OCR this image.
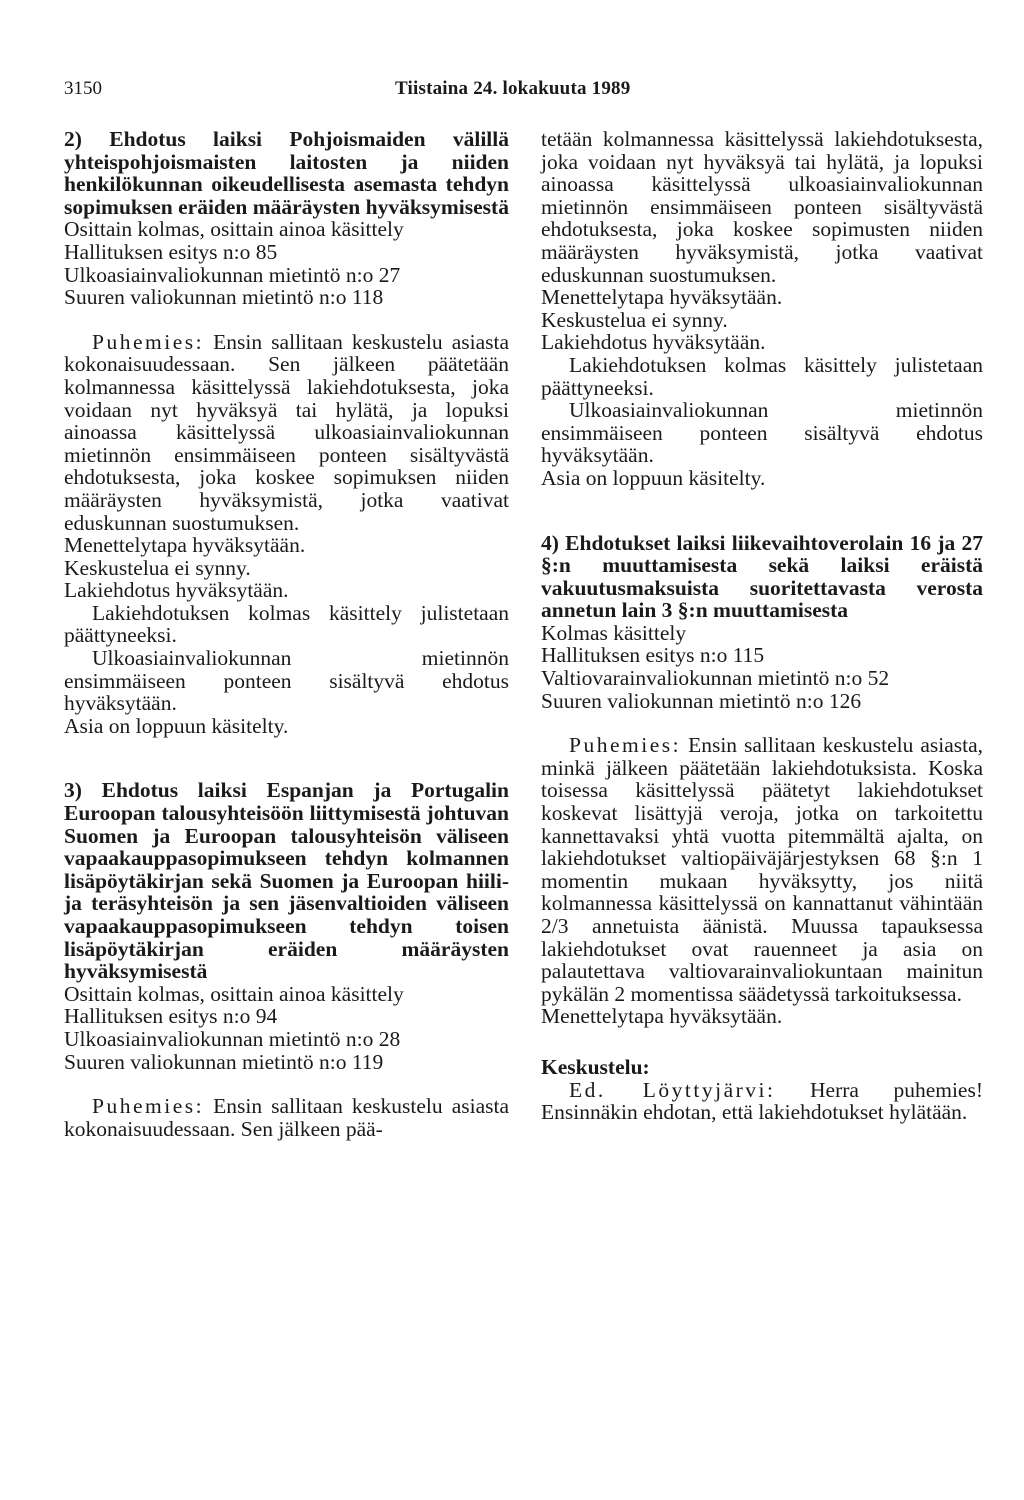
3150	Tiistaina 24. lokakuuta 1989

2) Ehdotus laiksi Pohjoismaiden välillä yhteispohjoismaisten laitosten ja niiden henkilökunnan oikeudellisesta asemasta tehdyn sopimuksen eräiden määräysten hyväksymisestä

Osittain kolmas, osittain ainoa käsittely
Hallituksen esitys n:o 85
Ulkoasiainvaliokunnan mietintö n:o 27
Suuren valiokunnan mietintö n:o 118

Puhemies: Ensin sallitaan keskustelu asiasta kokonaisuudessaan. Sen jälkeen päätetään kolmannessa käsittelyssä lakiehdotuksesta, joka voidaan nyt hyväksyä tai hylätä, ja lopuksi ainoassa käsittelyssä ulkoasiainvaliokunnan mietinnön ensimmäiseen ponteen sisältyvästä ehdotuksesta, joka koskee sopimuksen niiden määräysten hyväksymistä, jotka vaativat eduskunnan suostumuksen.

Menettelytapa hyväksytään.

Keskustelua ei synny.

Lakiehdotus hyväksytään.

Lakiehdotuksen kolmas käsittely julistetaan päättyneeksi.

Ulkoasiainvaliokunnan mietinnön ensimmäiseen ponteen sisältyvä ehdotus hyväksytään.

Asia on loppuun käsitelty.

3) Ehdotus laiksi Espanjan ja Portugalin Euroopan talousyhteisöön liittymisestä johtuvan Suomen ja Euroopan talousyhteisön väliseen vapaakauppasopimukseen tehdyn kolmannen lisäpöytäkirjan sekä Suomen ja Euroopan hiili- ja teräsyhteisön ja sen jäsenvaltioiden väliseen vapaakauppasopimukseen tehdyn toisen lisäpöytäkirjan eräiden määräysten hyväksymisestä

Osittain kolmas, osittain ainoa käsittely
Hallituksen esitys n:o 94
Ulkoasiainvaliokunnan mietintö n:o 28
Suuren valiokunnan mietintö n:o 119

Puhemies: Ensin sallitaan keskustelu asiasta kokonaisuudessaan. Sen jälkeen pää-

tetään kolmannessa käsittelyssä lakiehdotuksesta, joka voidaan nyt hyväksyä tai hylätä, ja lopuksi ainoassa käsittelyssä ulkoasiainvaliokunnan mietinnön ensimmäiseen ponteen sisältyvästä ehdotuksesta, joka koskee sopimusten niiden määräysten hyväksymistä, jotka vaativat eduskunnan suostumuksen.

Menettelytapa hyväksytään.

Keskustelua ei synny.

Lakiehdotus hyväksytään.

Lakiehdotuksen kolmas käsittely julistetaan päättyneeksi.

Ulkoasiainvaliokunnan mietinnön ensimmäiseen ponteen sisältyvä ehdotus hyväksytään.

Asia on loppuun käsitelty.

4) Ehdotukset laiksi liikevaihtoverolain 16 ja 27 §:n muuttamisesta sekä laiksi eräistä vakuutusmaksuista suoritettavasta verosta annetun lain 3 §:n muuttamisesta

Kolmas käsittely
Hallituksen esitys n:o 115
Valtiovarainvaliokunnan mietintö n:o 52
Suuren valiokunnan mietintö n:o 126

Puhemies: Ensin sallitaan keskustelu asiasta, minkä jälkeen päätetään lakiehdotuksista. Koska toisessa käsittelyssä päätetyt lakiehdotukset koskevat lisättyjä veroja, jotka on tarkoitettu kannettavaksi yhtä vuotta pitemmältä ajalta, on lakiehdotukset valtiopäiväjärjestyksen 68 §:n 1 momentin mukaan hyväksytty, jos niitä kolmannessa käsittelyssä on kannattanut vähintään 2/3 annetuista äänistä. Muussa tapauksessa lakiehdotukset ovat rauenneet ja asia on palautettava valtiovarainvaliokuntaan mainitun pykälän 2 momentissa säädetyssä tarkoituksessa.

Menettelytapa hyväksytään.

Keskustelu:

Ed. Löyttyjärvi: Herra puhemies! Ensinnäkin ehdotan, että lakiehdotukset hylätään.
